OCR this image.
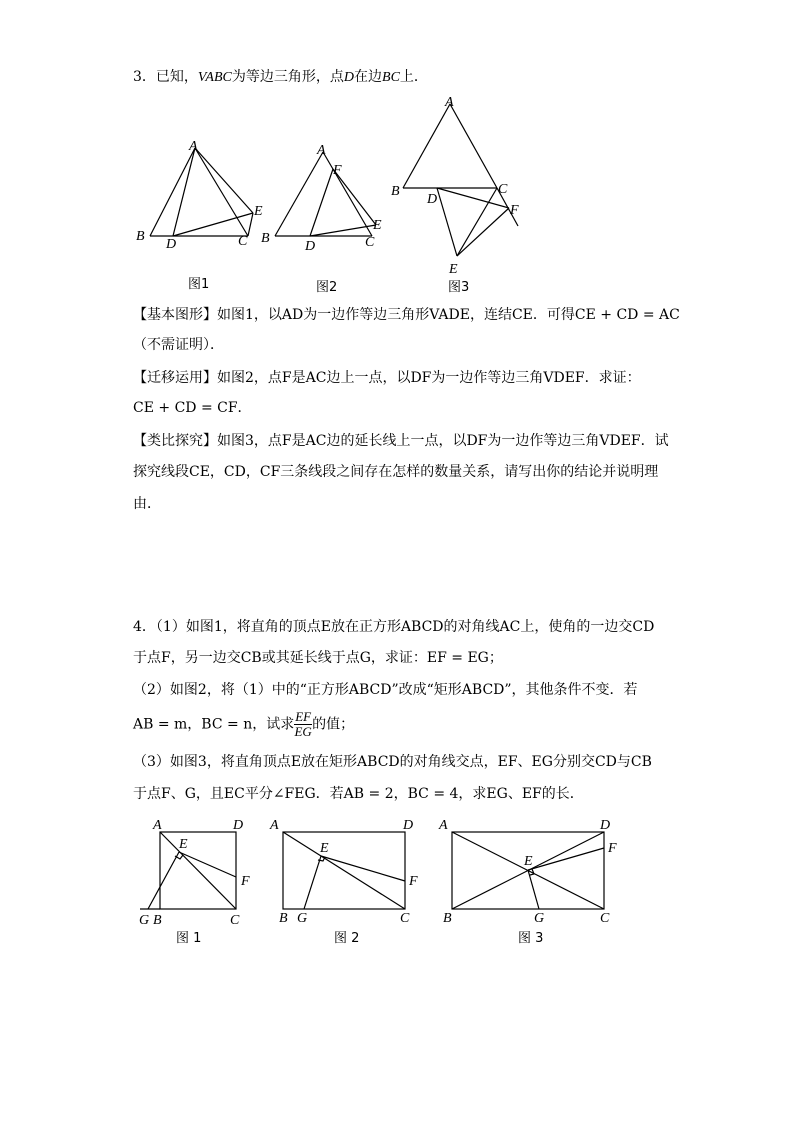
3．已知，VABC为等边三角形，点D在边BC上．
A
B
D	C
E
图1
A
F
B
D	C
E
图2
A
B
D
C
F
E
图3
【基本图形】如图1，以AD为一边作等边三角形VADE，连结CE．可得CE + CD = AC
（不需证明）．
【迁移运用】如图2，点F是AC边上一点，以DF为一边作等边三角VDEF．求证：
CE + CD = CF．
【类比探究】如图3，点F是AC边的延长线上一点，以DF为一边作等边三角VDEF．试
探究线段CE，CD，CF三条线段之间存在怎样的数量关系，请写出你的结论并说明理
由．
4．（1）如图1，将直角的顶点E放在正方形ABCD的对角线AC上，使角的一边交CD
于点F，另一边交CB或其延长线于点G，求证：EF = EG；
（2）如图2，将（1）中的“正方形ABCD”改成“矩形ABCD”，其他条件不变．若
AB = m，BC = n，试求 $\frac{EF}{EG}$ 的值；
（3）如图3，将直角顶点E放在矩形ABCD的对角线交点，EF、EG分别交CD与CB
于点F、G，且EC平分∠FEG．若AB = 2，BC = 4，求EG、EF的长．
A	D
E
F
G B	C
图 1
A	D
E
F
B G	C
图 2
A	D
E
F
B	G	C
图 3
